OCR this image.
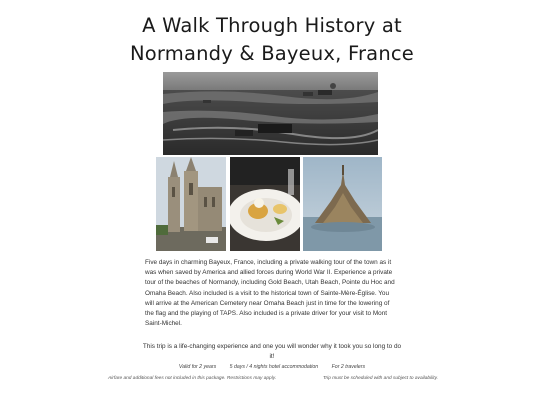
A Walk Through History at
Normandy & Bayeux, France
Five days in charming Bayeux, France, including a private walking tour of the town as it was when saved by America and allied forces during World War II. Experience a private tour of the beaches of Normandy, including Gold Beach, Utah Beach, Pointe du Hoc and Omaha Beach. Also included is a visit to the historical town of Sainte-Mère-Église. You will arrive at the American Cemetery near Omaha Beach just in time for the lowering of the flag and the playing of TAPS. Also included is a private driver for your visit to Mont Saint-Michel.
This trip is a life-changing experience and one you will wonder why it took you so long to do it!
Valid for 2 years	5 days / 4 nights hotel accommodation	For 2 travelers
Airfare and additional fees not included in this package. Restrictions may apply.	Trip must be scheduled with and subject to availability.
